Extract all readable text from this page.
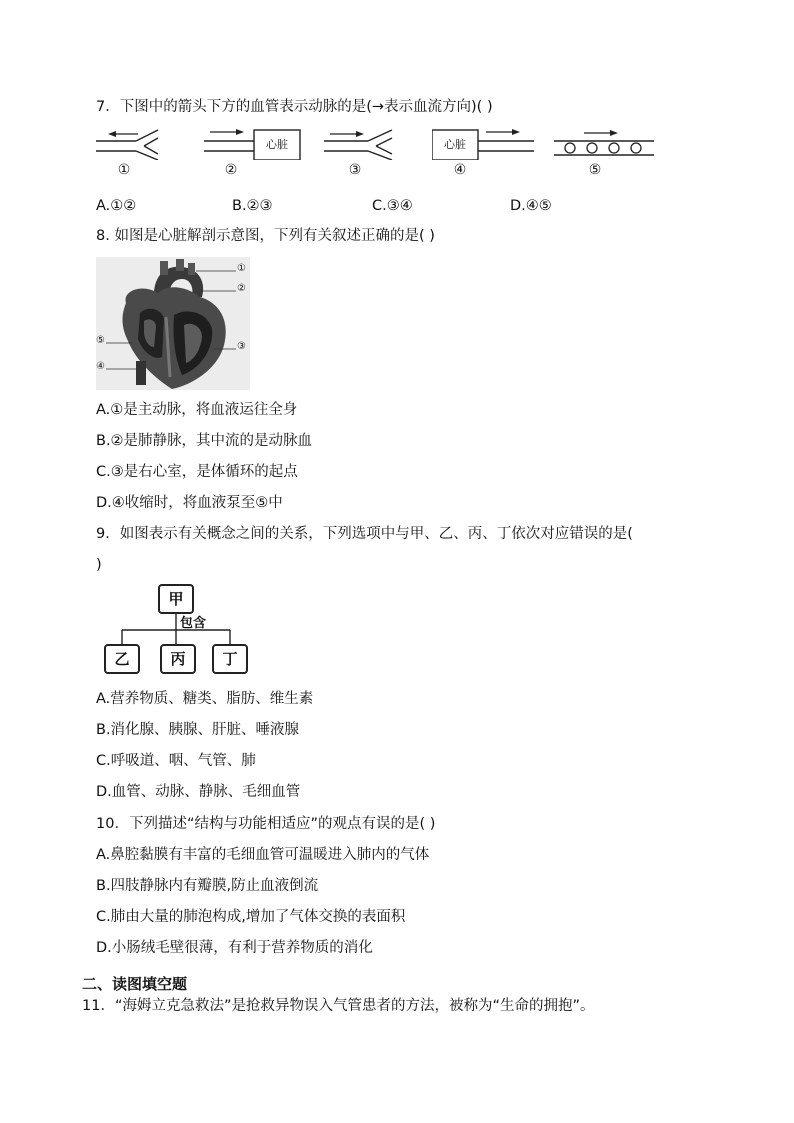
7．下图中的箭头下方的血管表示动脉的是(→表示血流方向)( )
①
心脏
②	③
心脏
④	⑤
A.①②	B.②③	C.③④	D.④⑤
8. 如图是心脏解剖示意图，下列有关叙述正确的是( )
①
②
③
④
⑤
A.①是主动脉，将血液运往全身
B.②是肺静脉，其中流的是动脉血
C.③是右心室，是体循环的起点
D.④收缩时，将血液泵至⑤中
9．如图表示有关概念之间的关系，下列选项中与甲、乙、丙、丁依次对应错误的是(
)
甲
包含
乙	丙	丁
A.营养物质、糖类、脂肪、维生素
B.消化腺、胰腺、肝脏、唾液腺
C.呼吸道、咽、气管、肺
D.血管、动脉、静脉、毛细血管
10．下列描述“结构与功能相适应”的观点有误的是( )
A.鼻腔黏膜有丰富的毛细血管可温暖进入肺内的气体
B.四肢静脉内有瓣膜,防止血液倒流
C.肺由大量的肺泡构成,增加了气体交换的表面积
D.小肠绒毛壁很薄，有利于营养物质的消化
二、读图填空题
11．“海姆立克急救法”是抢救异物误入气管患者的方法，被称为“生命的拥抱”。
